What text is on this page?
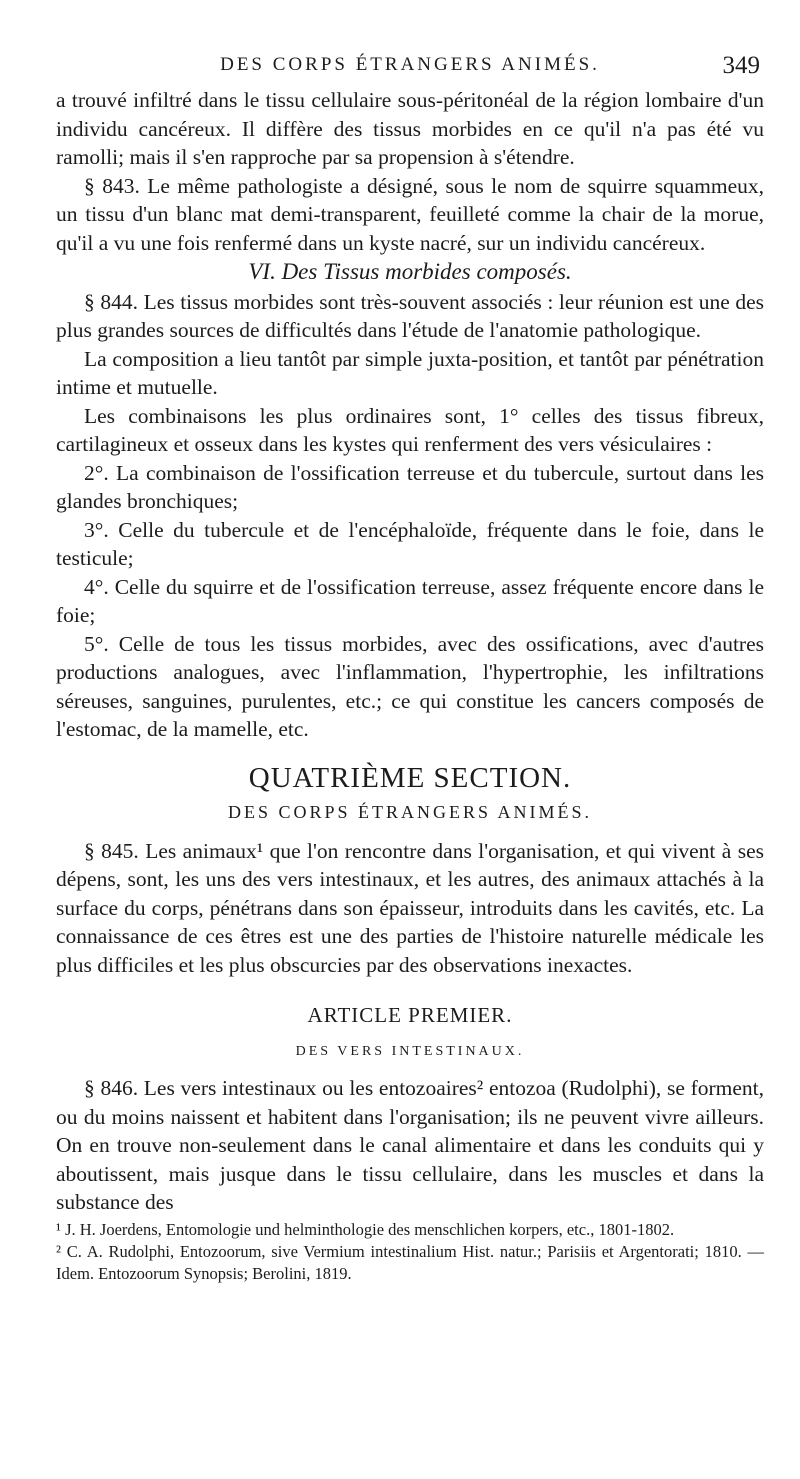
DES CORPS ÉTRANGERS ANIMÉS.	349

a trouvé infiltré dans le tissu cellulaire sous-péritonéal de la région lombaire d'un individu cancéreux. Il diffère des tissus morbides en ce qu'il n'a pas été vu ramolli; mais il s'en rapproche par sa propension à s'étendre.

§ 843. Le même pathologiste a désigné, sous le nom de squirre squammeux, un tissu d'un blanc mat demi-transparent, feuilleté comme la chair de la morue, qu'il a vu une fois renfermé dans un kyste nacré, sur un individu cancéreux.

VI. Des Tissus morbides composés.

§ 844. Les tissus morbides sont très-souvent associés : leur réunion est une des plus grandes sources de difficultés dans l'étude de l'anatomie pathologique.

La composition a lieu tantôt par simple juxta-position, et tantôt par pénétration intime et mutuelle.

Les combinaisons les plus ordinaires sont, 1° celles des tissus fibreux, cartilagineux et osseux dans les kystes qui renferment des vers vésiculaires :

2°. La combinaison de l'ossification terreuse et du tubercule, surtout dans les glandes bronchiques;

3°. Celle du tubercule et de l'encéphaloïde, fréquente dans le foie, dans le testicule;

4°. Celle du squirre et de l'ossification terreuse, assez fréquente encore dans le foie;

5°. Celle de tous les tissus morbides, avec des ossifications, avec d'autres productions analogues, avec l'inflammation, l'hypertrophie, les infiltrations séreuses, sanguines, purulentes, etc.; ce qui constitue les cancers composés de l'estomac, de la mamelle, etc.

QUATRIÈME SECTION.
DES CORPS ÉTRANGERS ANIMÉS.

§ 845. Les animaux¹ que l'on rencontre dans l'organisation, et qui vivent à ses dépens, sont, les uns des vers intestinaux, et les autres, des animaux attachés à la surface du corps, pénétrans dans son épaisseur, introduits dans les cavités, etc. La connaissance de ces êtres est une des parties de l'histoire naturelle médicale les plus difficiles et les plus obscurcies par des observations inexactes.

ARTICLE PREMIER.
DES VERS INTESTINAUX.

§ 846. Les vers intestinaux ou les entozoaires² entozoa (Rudolphi), se forment, ou du moins naissent et habitent dans l'organisation; ils ne peuvent vivre ailleurs. On en trouve non-seulement dans le canal alimentaire et dans les conduits qui y aboutissent, mais jusque dans le tissu cellulaire, dans les muscles et dans la substance des

¹ J. H. Joerdens, Entomologie und helminthologie des menschlichen korpers, etc., 1801-1802.

² C. A. Rudolphi, Entozoorum, sive Vermium intestinalium Hist. natur.; Parisiis et Argentorati; 1810. — Idem. Entozoorum Synopsis; Berolini, 1819.
